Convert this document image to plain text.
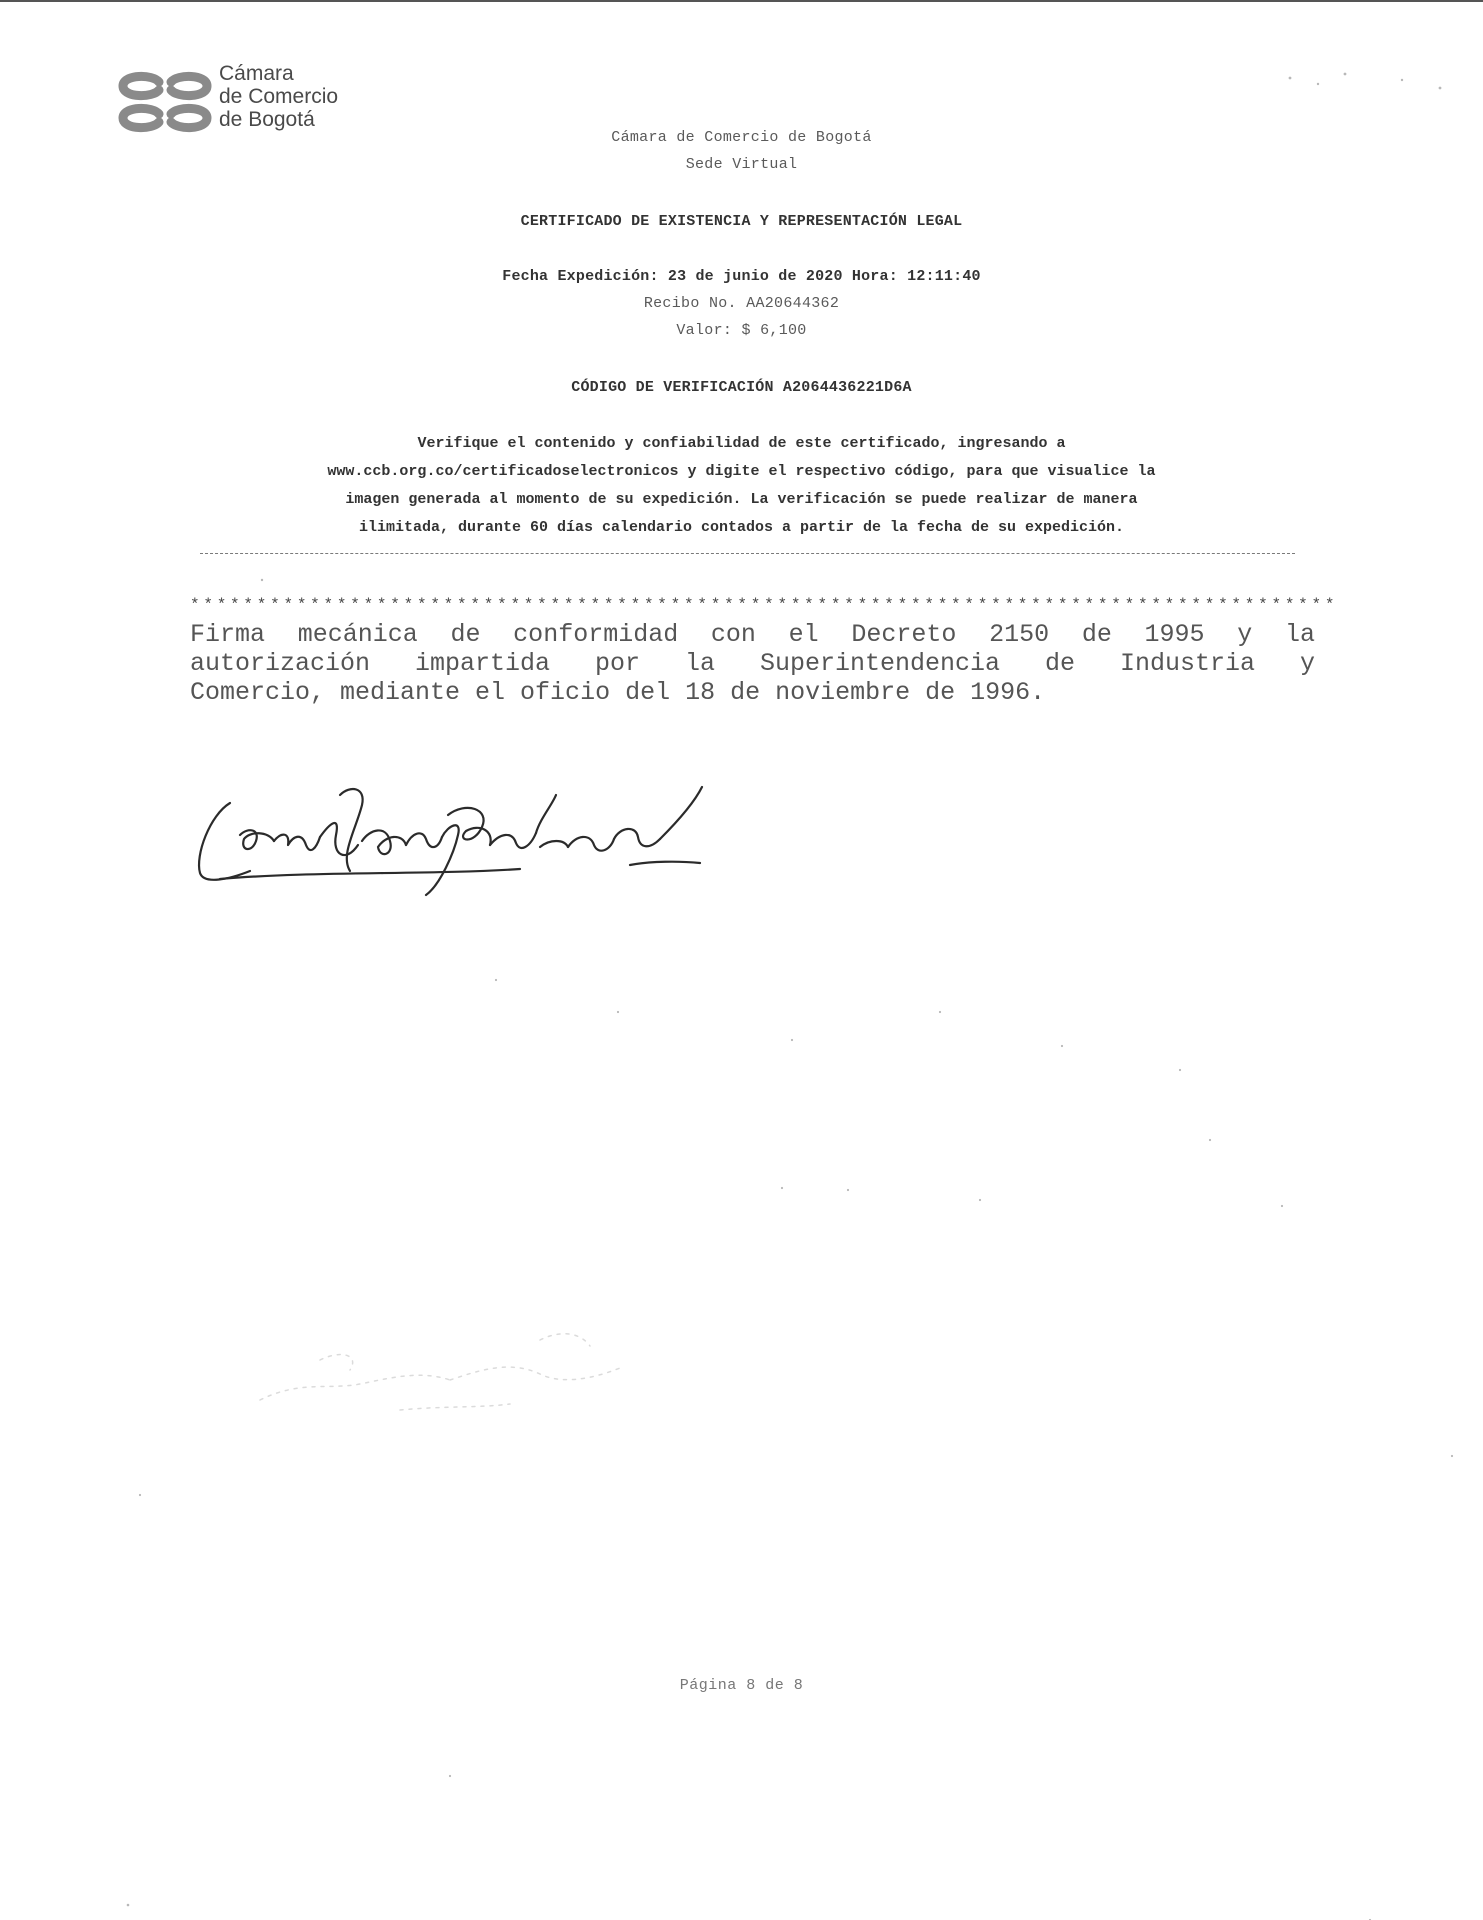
Cámara
de Comercio
de Bogotá
Cámara de Comercio de Bogotá
Sede Virtual
CERTIFICADO DE EXISTENCIA Y REPRESENTACIÓN LEGAL
Fecha Expedición: 23 de junio de 2020 Hora: 12:11:40
Recibo No. AA20644362
Valor: $ 6,100
CÓDIGO DE VERIFICACIÓN A2064436221D6A
Verifique el contenido y confiabilidad de este certificado, ingresando a
www.ccb.org.co/certificadoselectronicos y digite el respectivo código, para que visualice la
imagen generada al momento de su expedición. La verificación se puede realizar de manera
ilimitada, durante 60 días calendario contados a partir de la fecha de su expedición.
**************************************************************************************
Firma mecánica de conformidad con el Decreto 2150 de 1995 y la
autorización impartida por la Superintendencia de Industria y
Comercio, mediante el oficio del 18 de noviembre de 1996.
Página 8 de 8
